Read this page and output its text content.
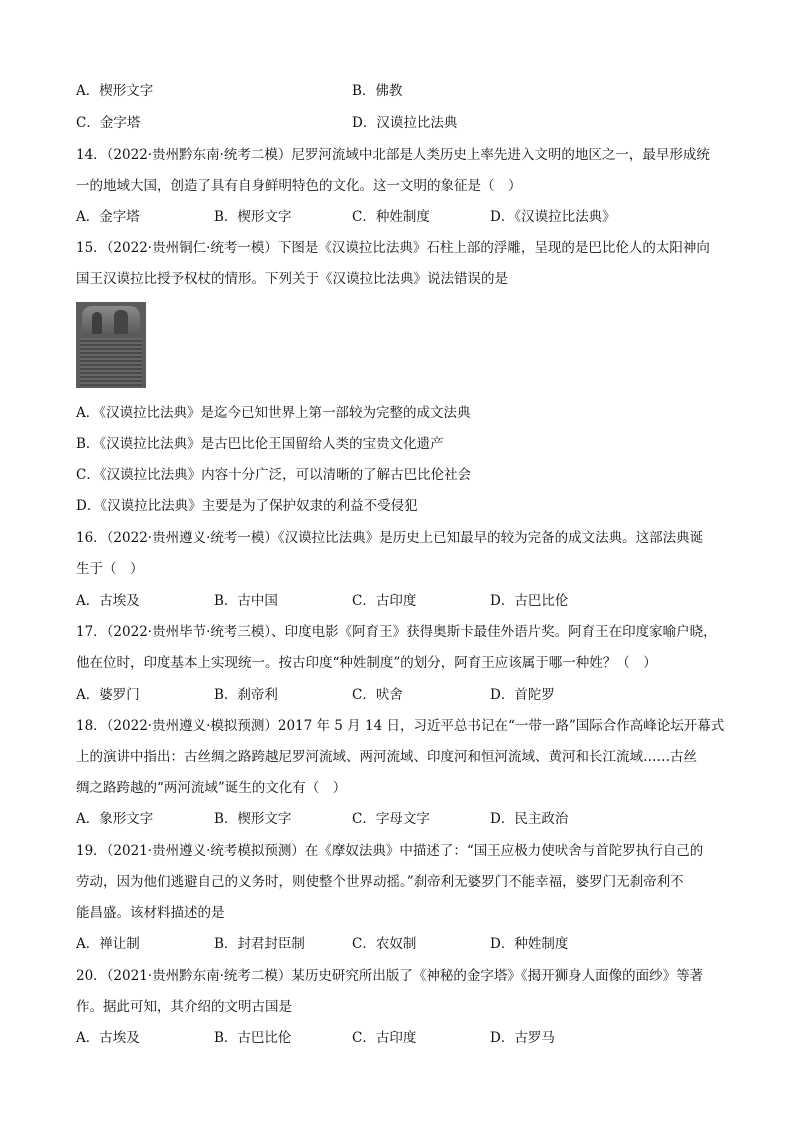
A．楔形文字	B．佛教
C．金字塔	D．汉谟拉比法典
14．（2022·贵州黔东南·统考二模）尼罗河流域中北部是人类历史上率先进入文明的地区之一，最早形成统
一的地域大国，创造了具有自身鲜明特色的文化。这一文明的象征是（　）
A．金字塔	B．楔形文字	C．种姓制度	D．《汉谟拉比法典》
15．（2022·贵州铜仁·统考一模）下图是《汉谟拉比法典》石柱上部的浮雕，呈现的是巴比伦人的太阳神向
国王汉谟拉比授予权杖的情形。下列关于《汉谟拉比法典》说法错误的是
A．《汉谟拉比法典》是迄今已知世界上第一部较为完整的成文法典
B．《汉谟拉比法典》是古巴比伦王国留给人类的宝贵文化遗产
C．《汉谟拉比法典》内容十分广泛，可以清晰的了解古巴比伦社会
D．《汉谟拉比法典》主要是为了保护奴隶的利益不受侵犯
16．（2022·贵州遵义·统考一模）《汉谟拉比法典》是历史上已知最早的较为完备的成文法典。这部法典诞
生于（　）
A．古埃及	B．古中国	C．古印度	D．古巴比伦
17．（2022·贵州毕节·统考三模）、印度电影《阿育王》获得奥斯卡最佳外语片奖。阿育王在印度家喻户晓，
他在位时，印度基本上实现统一。按古印度“种姓制度”的划分，阿育王应该属于哪一种姓？（　）
A．婆罗门	B．刹帝利	C．吠舍	D．首陀罗
18．（2022·贵州遵义·模拟预测）2017 年 5 月 14 日，习近平总书记在“一带一路”国际合作高峰论坛开幕式
上的演讲中指出：古丝绸之路跨越尼罗河流域、两河流域、印度河和恒河流域、黄河和长江流域……古丝
绸之路跨越的“两河流域”诞生的文化有（　）
A．象形文字	B．楔形文字	C．字母文字	D．民主政治
19．（2021·贵州遵义·统考模拟预测）在《摩奴法典》中描述了：“国王应极力使吠舍与首陀罗执行自己的
劳动，因为他们逃避自己的义务时，则使整个世界动摇。”刹帝利无婆罗门不能幸福，婆罗门无刹帝利不
能昌盛。该材料描述的是
A．禅让制	B．封君封臣制	C．农奴制	D．种姓制度
20．（2021·贵州黔东南·统考二模）某历史研究所出版了《神秘的金字塔》《揭开狮身人面像的面纱》等著
作。据此可知，其介绍的文明古国是
A．古埃及	B．古巴比伦	C．古印度	D．古罗马
